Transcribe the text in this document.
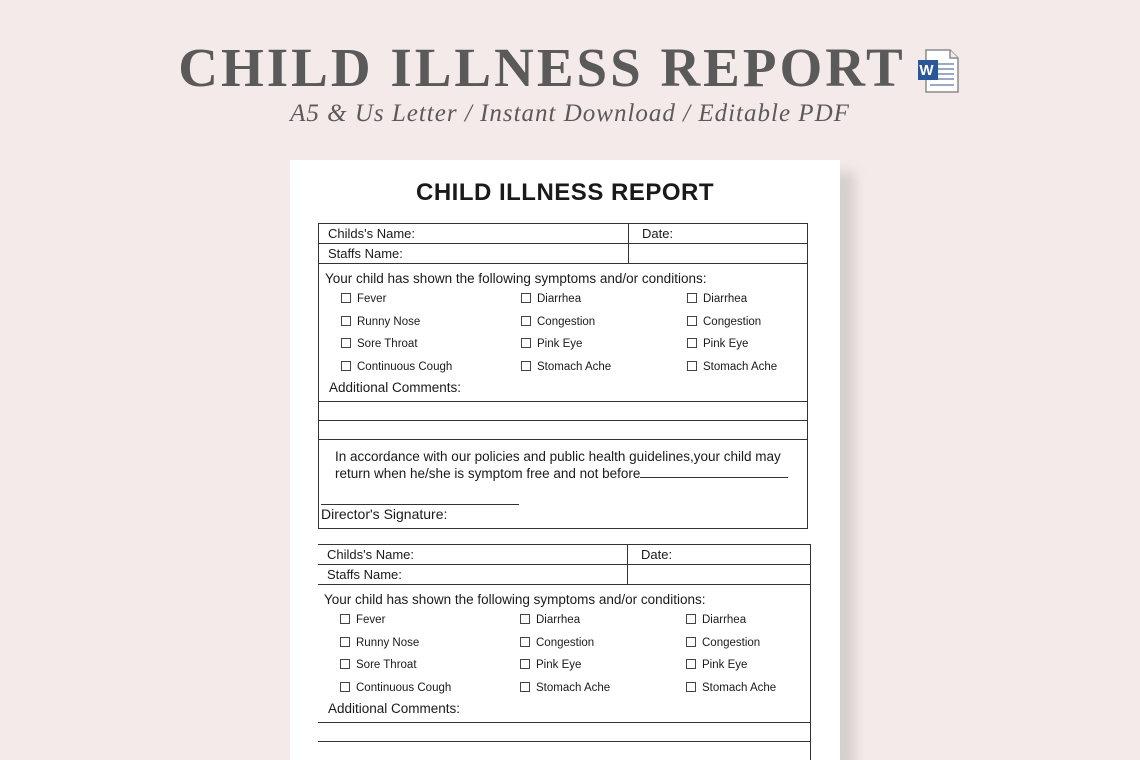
CHILD ILLNESS REPORT W
A5 & Us Letter / Instant Download / Editable PDF
CHILD ILLNESS REPORT
Childs's Name:	Date:
Staffs Name:
Your child has shown the following symptoms and/or conditions:
Fever
Runny Nose
Sore Throat
Continuous Cough
Diarrhea
Congestion
Pink Eye
Stomach Ache
Diarrhea
Congestion
Pink Eye
Stomach Ache
Additional Comments:
In accordance with our policies and public health guidelines,your child may
return when he/she is symptom free and not before
Director's Signature:
Childs's Name:	Date:
Staffs Name:
Your child has shown the following symptoms and/or conditions:
Fever
Runny Nose
Sore Throat
Continuous Cough
Diarrhea
Congestion
Pink Eye
Stomach Ache
Diarrhea
Congestion
Pink Eye
Stomach Ache
Additional Comments:
